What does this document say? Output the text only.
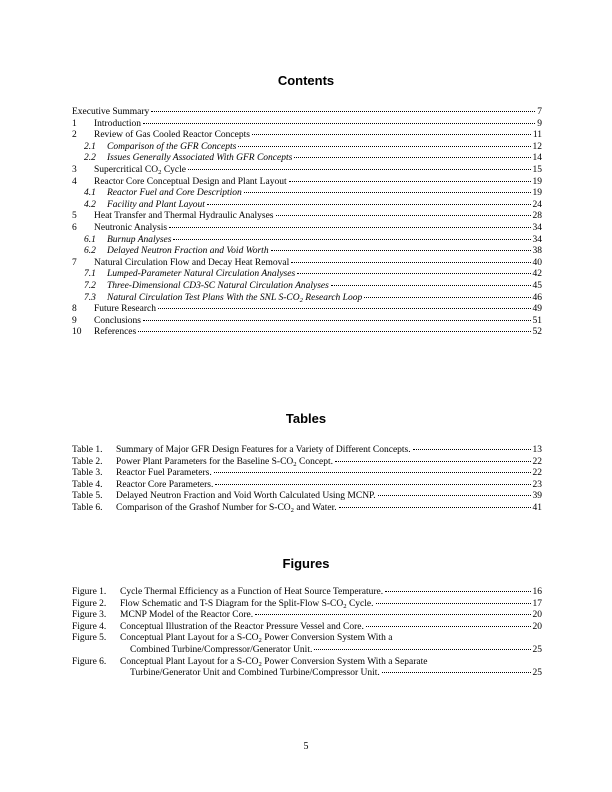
Contents
Executive Summary	7
1	Introduction	9
2	Review of Gas Cooled Reactor Concepts	11
2.1	Comparison of the GFR Concepts	12
2.2	Issues Generally Associated With GFR Concepts	14
3	Supercritical $CO_2$ Cycle	15
4	Reactor Core Conceptual Design and Plant Layout	19
4.1	Reactor Fuel and Core Description	19
4.2	Facility and Plant Layout	24
5	Heat Transfer and Thermal Hydraulic Analyses	28
6	Neutronic Analysis	34
6.1	Burnup Analyses	34
6.2	Delayed Neutron Fraction and Void Worth	38
7	Natural Circulation Flow and Decay Heat Removal	40
7.1	Lumped-Parameter Natural Circulation Analyses	42
7.2	Three-Dimensional CD3-SC Natural Circulation Analyses	45
7.3	Natural Circulation Test Plans With the SNL $S-CO_2$ Research Loop	46
8	Future Research	49
9	Conclusions	51
10	References	52
Tables
Table 1.	Summary of Major GFR Design Features for a Variety of Different Concepts.	13
Table 2.	Power Plant Parameters for the Baseline $S-CO_2$ Concept.	22
Table 3.	Reactor Fuel Parameters.	22
Table 4.	Reactor Core Parameters.	23
Table 5.	Delayed Neutron Fraction and Void Worth Calculated Using MCNP.	39
Table 6.	Comparison of the Grashof Number for $S-CO_2$ and Water.	41
Figures
Figure 1.	Cycle Thermal Efficiency as a Function of Heat Source Temperature.	16
Figure 2.	Flow Schematic and T-S Diagram for the Split-Flow $S-CO_2$ Cycle.	17
Figure 3.	MCNP Model of the Reactor Core.	20
Figure 4.	Conceptual Illustration of the Reactor Pressure Vessel and Core.	20
Figure 5.	Conceptual Plant Layout for a $S-CO_2$ Power Conversion System With a
Combined Turbine/Compressor/Generator Unit.	25
Figure 6.	Conceptual Plant Layout for a $S-CO_2$ Power Conversion System With a Separate
Turbine/Generator Unit and Combined Turbine/Compressor Unit.	25
5
